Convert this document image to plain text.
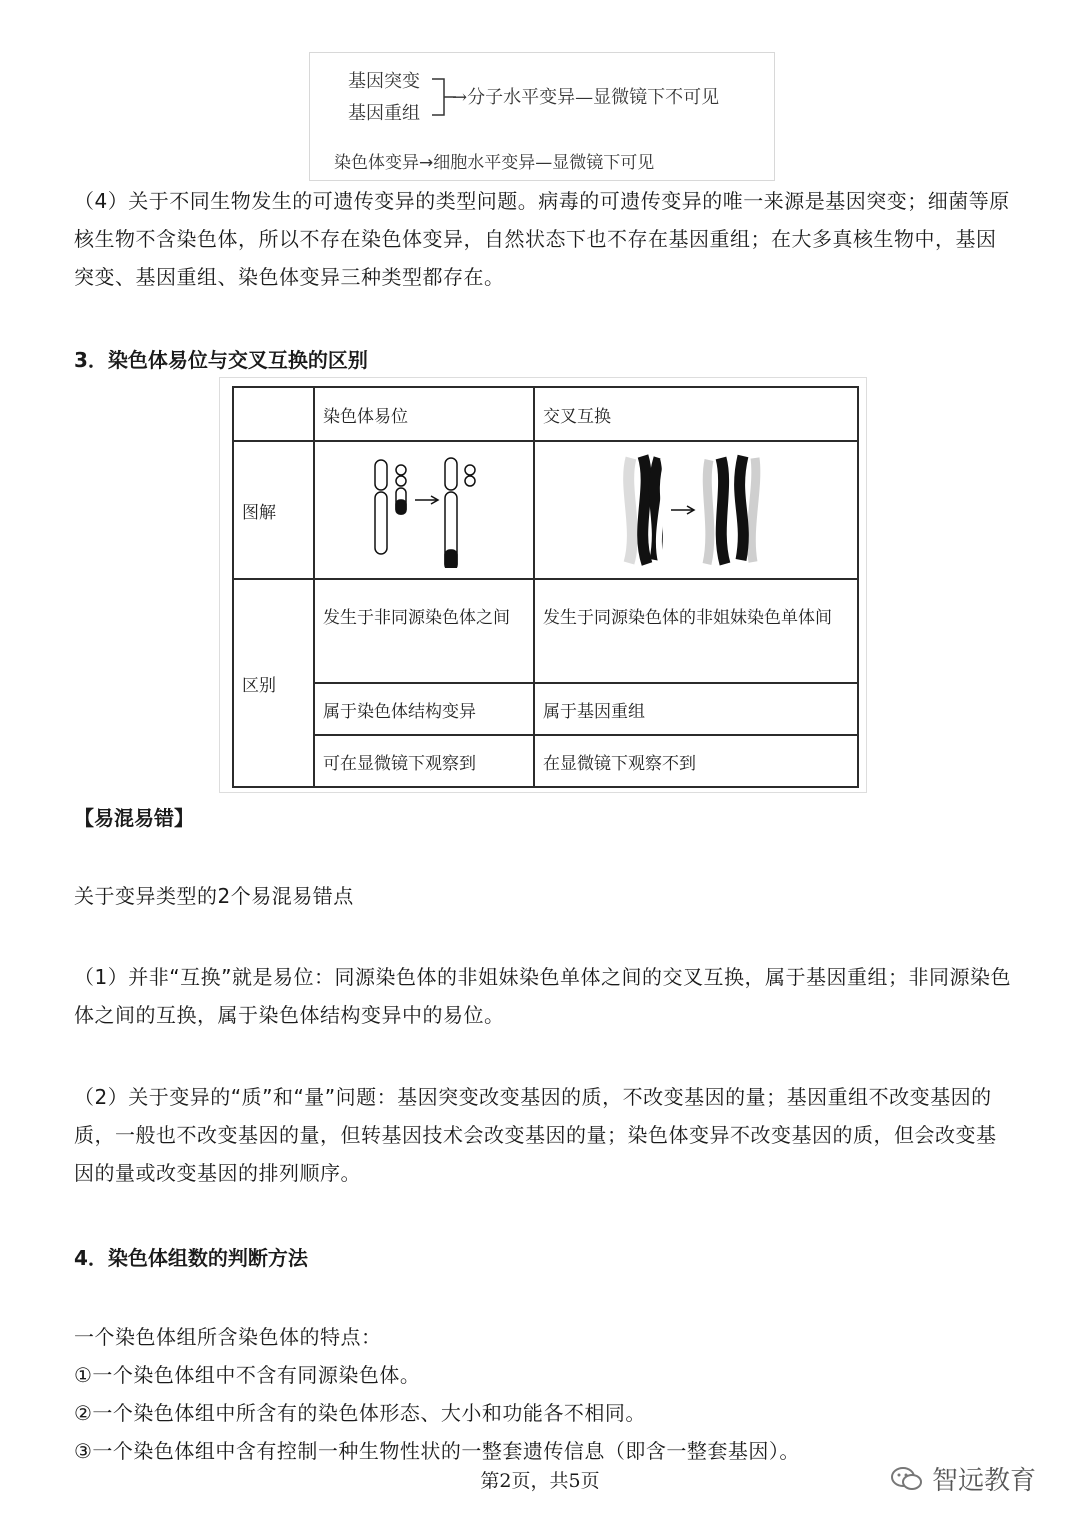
基因突变
基因重组
→分子水平变异—显微镜下不可见
染色体变异→细胞水平变异—显微镜下可见

（4）关于不同生物发生的可遗传变异的类型问题。病毒的可遗传变异的唯一来源是基因突变；细菌等原核生物不含染色体，所以不存在染色体变异，自然状态下也不存在基因重组；在大多真核生物中，基因突变、基因重组、染色体变异三种类型都存在。

3．染色体易位与交叉互换的区别
	染色体易位	交叉互换
图解		
区别	发生于非同源染色体之间	发生于同源染色体的非姐妹染色单体间
	属于染色体结构变异	属于基因重组
	可在显微镜下观察到	在显微镜下观察不到
【易混易错】

关于变异类型的2个易混易错点

（1）并非“互换”就是易位：同源染色体的非姐妹染色单体之间的交叉互换，属于基因重组；非同源染色体之间的互换，属于染色体结构变异中的易位。

（2）关于变异的“质”和“量”问题：基因突变改变基因的质，不改变基因的量；基因重组不改变基因的质，一般也不改变基因的量，但转基因技术会改变基因的量；染色体变异不改变基因的质，但会改变基因的量或改变基因的排列顺序。

4．染色体组数的判断方法

一个染色体组所含染色体的特点：

①一个染色体组中不含有同源染色体。

②一个染色体组中所含有的染色体形态、大小和功能各不相同。

③一个染色体组中含有控制一种生物性状的一整套遗传信息（即含一整套基因）。

第2页，共5页	智远教育
